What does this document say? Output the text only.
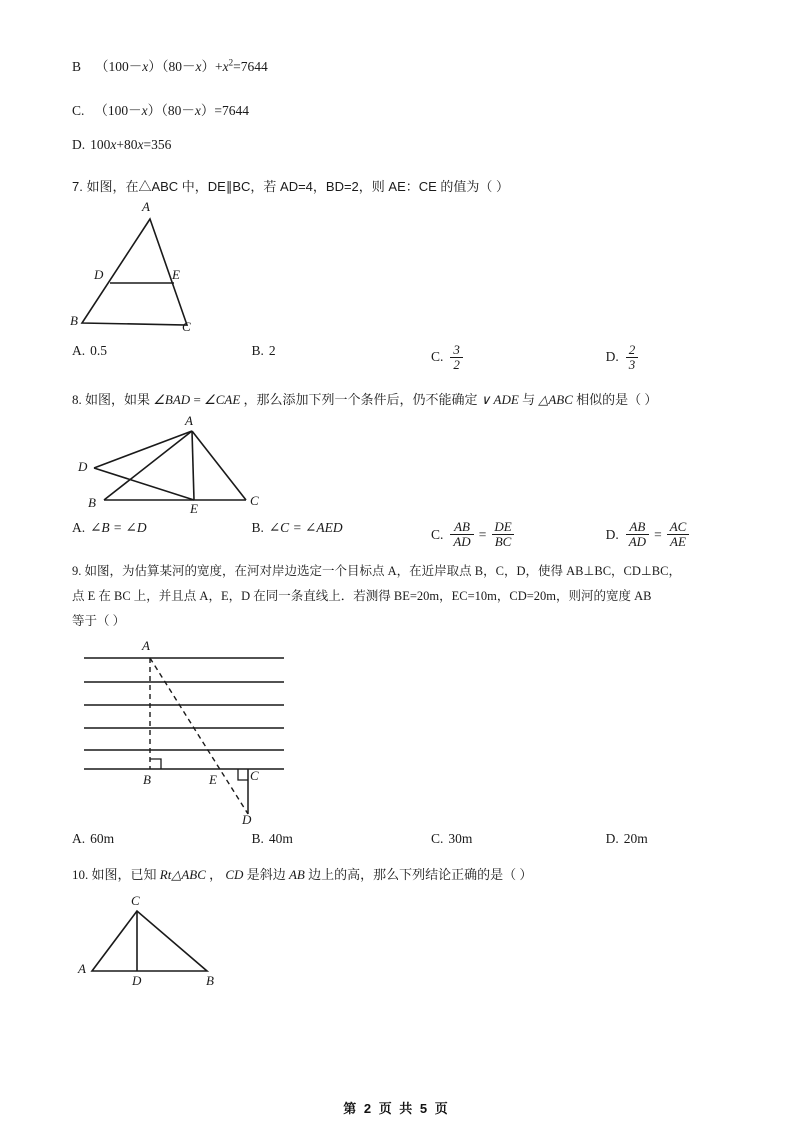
B $(100-x)(80-x)+x^2=7644$
C. （100－x）（80－x）=7644
D. 100x+80x=356
7. 如图，在△ABC 中，DE∥BC，若 AD=4，BD=2，则 AE：CE 的值为（ ）
A
D	E
B	C
A. 0.5	B. 2	C. $\frac{3}{2}$	D. $\frac{2}{3}$
8. 如图，如果 ∠BAD = ∠CAE ，那么添加下列一个条件后，仍不能确定 ∨ ADE 与 △ABC 相似的是（ ）
A
D
B	E
C
A. ∠B = ∠D	B. ∠C = ∠AED	C. $\frac{AB}{AD} = \frac{DE}{BC}$	D. $\frac{AB}{AD} = \frac{AC}{AE}$
9. 如图，为估算某河的宽度，在河对岸边选定一个目标点 A，在近岸取点 B，C，D，使得 AB⊥BC，CD⊥BC，
点 E 在 BC 上，并且点 A，E，D 在同一条直线上．若测得 BE=20m，EC=10m，CD=20m，则河的宽度 AB
等于（ ）
A
B	E	C
D
A. 60m	B. 40m	C. 30m	D. 20m
10. 如图，已知 Rt△ABC ， CD 是斜边 AB 边上的高，那么下列结论正确的是（ ）
C
A
D	B
第 2 页 共 5 页
